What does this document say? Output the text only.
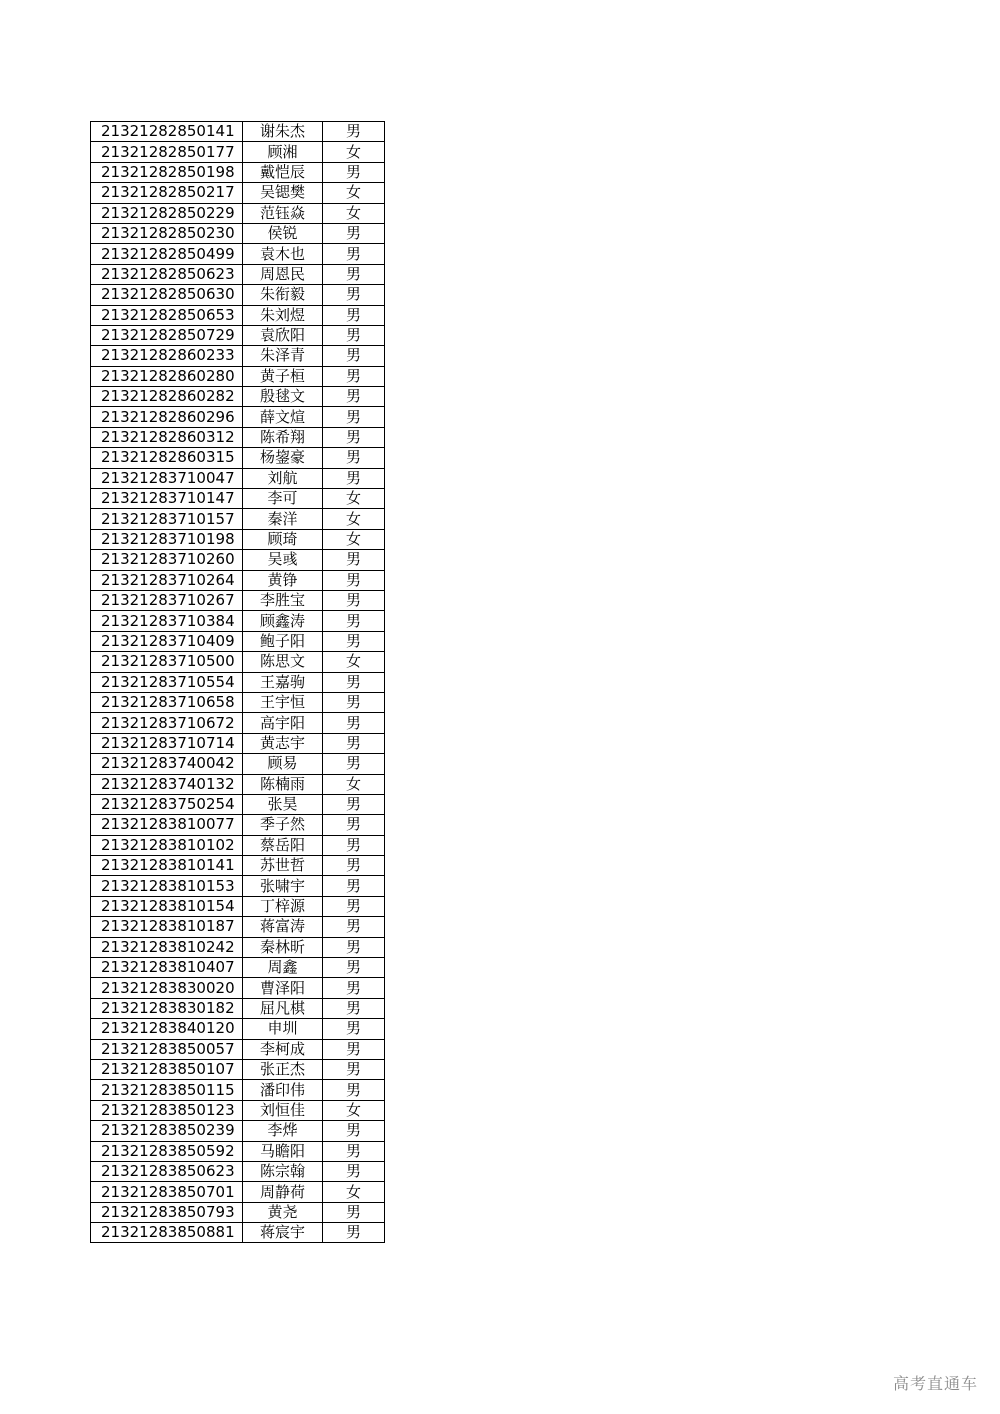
21321282850141	谢朱杰	男
21321282850177	顾湘	女
21321282850198	戴恺辰	男
21321282850217	吴锶樊	女
21321282850229	范钰焱	女
21321282850230	侯锐	男
21321282850499	袁木也	男
21321282850623	周恩民	男
21321282850630	朱衔毅	男
21321282850653	朱刘煜	男
21321282850729	袁欣阳	男
21321282860233	朱泽青	男
21321282860280	黄子桓	男
21321282860282	殷毬文	男
21321282860296	薛文煊	男
21321282860312	陈希翔	男
21321282860315	杨鋆豪	男
21321283710047	刘航	男
21321283710147	李可	女
21321283710157	秦洋	女
21321283710198	顾琦	女
21321283710260	吴彧	男
21321283710264	黄铮	男
21321283710267	李胜宝	男
21321283710384	顾鑫涛	男
21321283710409	鲍子阳	男
21321283710500	陈思文	女
21321283710554	王嘉驹	男
21321283710658	王宇恒	男
21321283710672	高宇阳	男
21321283710714	黄志宇	男
21321283740042	顾易	男
21321283740132	陈楠雨	女
21321283750254	张昊	男
21321283810077	季子然	男
21321283810102	蔡岳阳	男
21321283810141	苏世哲	男
21321283810153	张啸宇	男
21321283810154	丁梓源	男
21321283810187	蒋富涛	男
21321283810242	秦林昕	男
21321283810407	周鑫	男
21321283830020	曹泽阳	男
21321283830182	屈凡棋	男
21321283840120	申圳	男
21321283850057	李柯成	男
21321283850107	张正杰	男
21321283850115	潘印伟	男
21321283850123	刘恒佳	女
21321283850239	李烨	男
21321283850592	马瞻阳	男
21321283850623	陈宗翰	男
21321283850701	周静荷	女
21321283850793	黄尧	男
21321283850881	蒋宸宇	男
高考直通车
